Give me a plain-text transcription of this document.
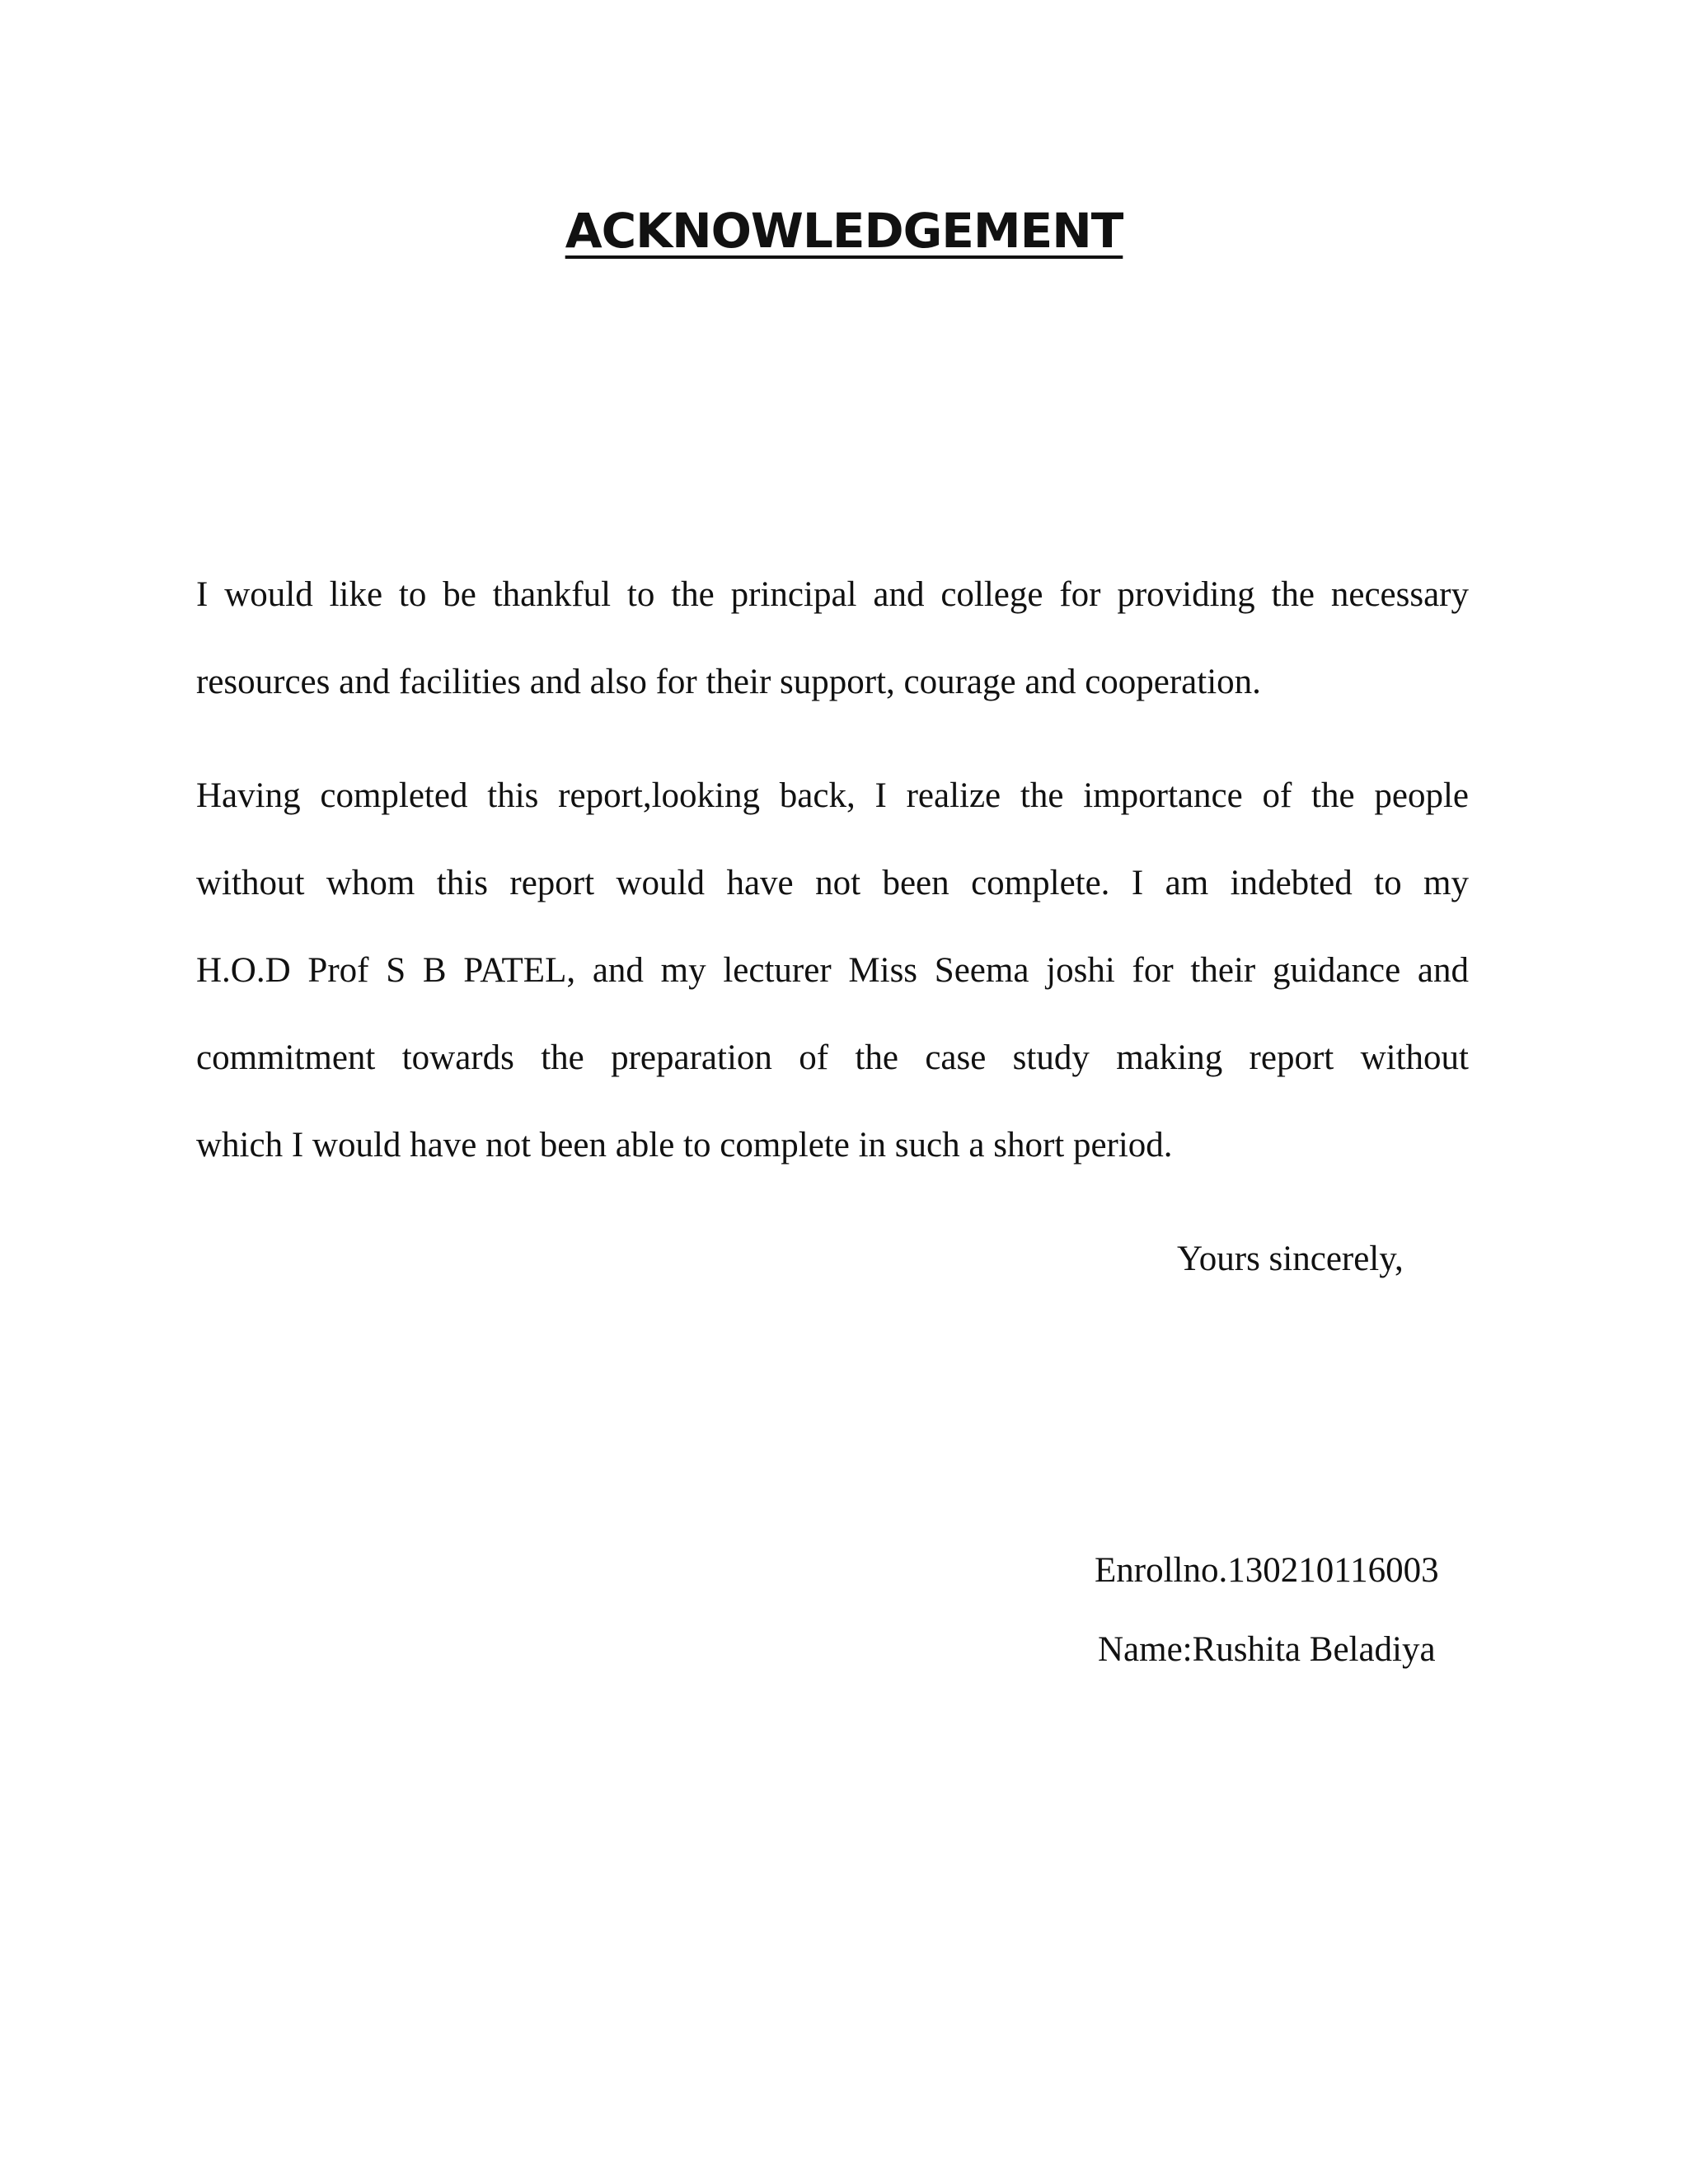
ACKNOWLEDGEMENT
I would like to be thankful to the principal and college for providing the necessary
resources and facilities and also for their support, courage and cooperation.
Having completed this report,looking back, I realize the importance of the people
without whom this report would have not been complete. I am indebted to my
H.O.D Prof S B PATEL, and my lecturer Miss Seema joshi for their guidance and
commitment towards the preparation of the case study making report without
which I would have not been able to complete in such a short period.
Yours sincerely,
Enrollno.130210116003
Name:Rushita Beladiya
